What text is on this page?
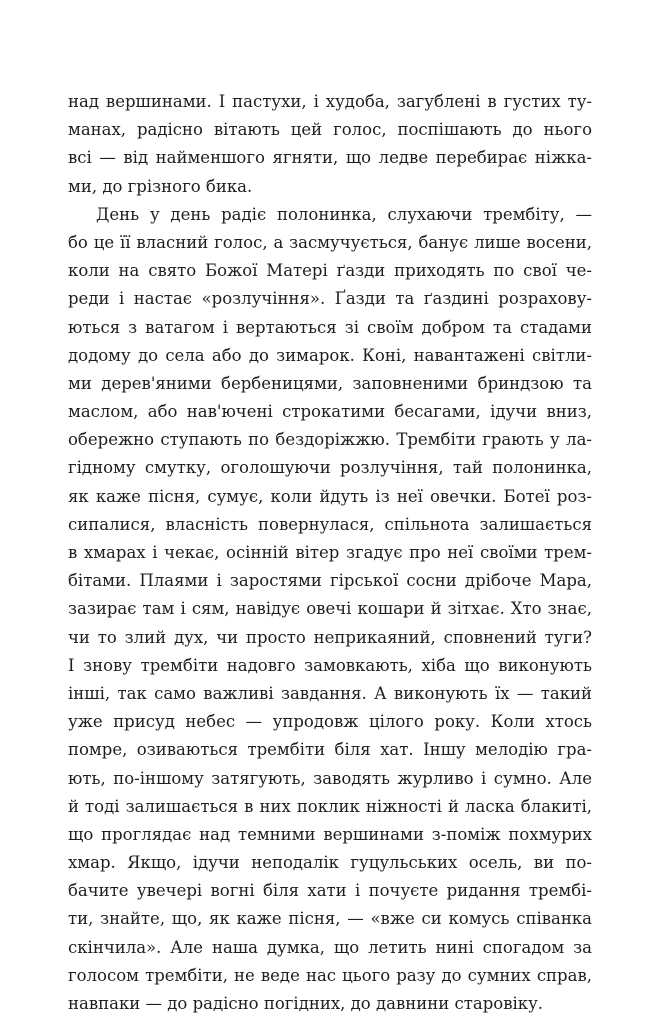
над вершинами. І пастухи, і худоба, загублені в густих ту-
манах, радісно вітають цей голос, поспішають до нього
всі — від найменшого ягняти, що ледве перебирає ніжка-
ми, до грізного бика.
День у день радіє полонинка, слухаючи трембіту, —
бо це її власний голос, а засмучується, банує лише восени,
коли на свято Божої Матері ґазди приходять по свої че-
реди і настає «розлучіння». Ґазди та ґаздині розрахову-
ються з ватагом і вертаються зі своїм добром та стадами
додому до села або до зимарок. Коні, навантажені світли-
ми дерев'яними бербеницями, заповненими бриндзою та
маслом, або нав'ючені строкатими бесагами, ідучи вниз,
обережно ступають по бездоріжжю. Трембіти грають у ла-
гідному смутку, оголошуючи розлучіння, тай полонинка,
як каже пісня, сумує, коли йдуть із неї овечки. Ботеї роз-
сипалися, власність повернулася, спільнота залишається
в хмарах і чекає, осінній вітер згадує про неї своїми трем-
бітами. Плаями і заростями гірської сосни дрібоче Мара,
зазирає там і сям, навідує овечі кошари й зітхає. Хто знає,
чи то злий дух, чи просто неприкаяний, сповнений туги?
І знову трембіти надовго замовкають, хіба що виконують
інші, так само важливі завдання. А виконують їх — такий
уже присуд небес — упродовж цілого року. Коли хтось
помре, озиваються трембіти біля хат. Іншу мелодію гра-
ють, по-іншому затягують, заводять журливо і сумно. Але
й тоді залишається в них поклик ніжності й ласка блакиті,
що проглядає над темними вершинами з-поміж похмурих
хмар. Якщо, ідучи неподалік гуцульських осель, ви по-
бачите увечері вогні біля хати і почуєте ридання трембі-
ти, знайте, що, як каже пісня, — «вже си комусь співанка
скінчила». Але наша думка, що летить нині спогадом за
голосом трембіти, не веде нас цього разу до сумних справ,
навпаки — до радісно погідних, до давнини старовіку.
